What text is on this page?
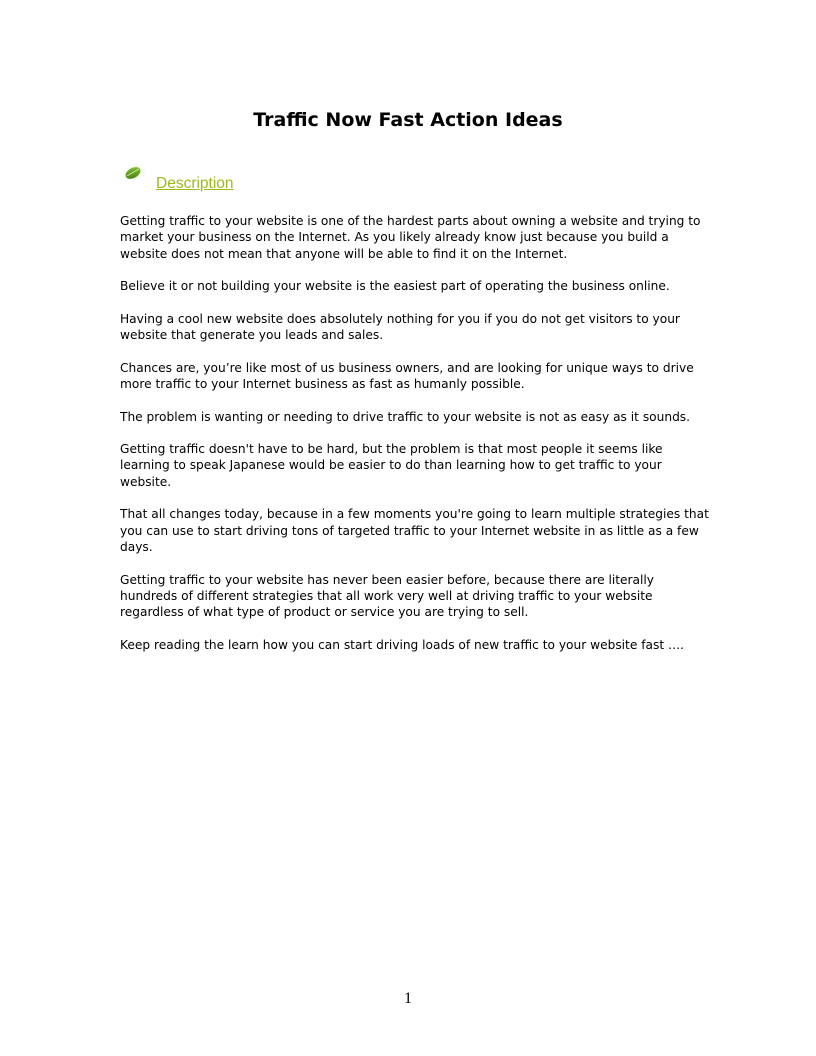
Traffic Now Fast Action Ideas
Description

Getting traffic to your website is one of the hardest parts about owning a website and trying to market your business on the Internet. As you likely already know just because you build a website does not mean that anyone will be able to find it on the Internet.

Believe it or not building your website is the easiest part of operating the business online.

Having a cool new website does absolutely nothing for you if you do not get visitors to your website that generate you leads and sales.

Chances are, you’re like most of us business owners, and are looking for unique ways to drive more traffic to your Internet business as fast as humanly possible.

The problem is wanting or needing to drive traffic to your website is not as easy as it sounds.

Getting traffic doesn't have to be hard, but the problem is that most people it seems like learning to speak Japanese would be easier to do than learning how to get traffic to your website.

That all changes today, because in a few moments you're going to learn multiple strategies that you can use to start driving tons of targeted traffic to your Internet website in as little as a few days.

Getting traffic to your website has never been easier before, because there are literally hundreds of different strategies that all work very well at driving traffic to your website regardless of what type of product or service you are trying to sell.

Keep reading the learn how you can start driving loads of new traffic to your website fast ….

1
